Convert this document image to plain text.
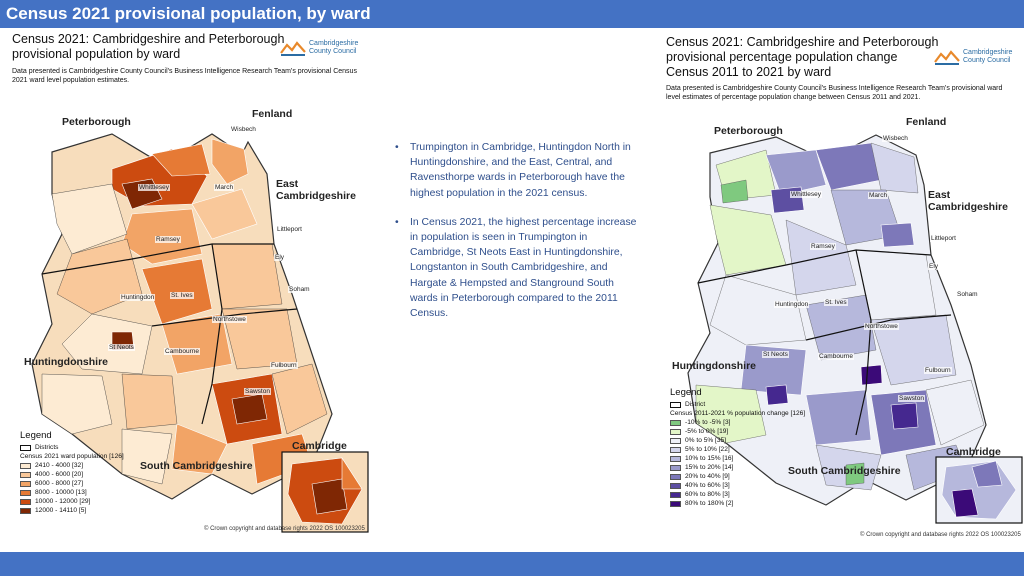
Census 2021 provisional population, by ward
Census 2021: Cambridgeshire and Peterborough
provisional population by ward
Data presented is Cambridgeshire County Council's Business Intelligence Research Team's provisional Census
2021 ward level population estimates.
Cambridgeshire
County Council
Peterborough
Fenland
East
Cambridgeshire
Huntingdonshire
South Cambridgeshire
Cambridge
Wisbech
Whittlesey	March
Ramsey
Littleport
Ely
Huntingdon	St. Ives
Soham
Northstowe
St Neots
Cambourne
Fulbourn
Sawston
Legend
Districts
Census 2021 ward population [126]
2410 - 4000 [32]
4000 - 6000 [20]
6000 - 8000 [27]
8000 - 10000 [13]
10000 - 12000 [29]
12000 - 14110 [5]
© Crown copyright and database rights 2022 OS 100023205
• Trumpington in Cambridge, Huntingdon North in Huntingdonshire, and the East, Central, and Ravensthorpe wards in Peterborough have the highest population in the 2021 census.
• In Census 2021, the highest percentage increase in population is seen in Trumpington in Cambridge, St Neots East in Huntingdonshire, Longstanton in South Cambridgeshire, and Hargate & Hempsted and Stanground South wards in Peterborough compared to the 2011 Census.
Census 2021: Cambridgeshire and Peterborough
provisional percentage population change
Census 2011 to 2021 by ward
Data presented is Cambridgeshire County Council's Business Intelligence Research Team's provisional ward
level estimates of percentage population change between Census 2011 and 2021.
Cambridgeshire
County Council
Peterborough
Fenland
East
Cambridgeshire
Huntingdonshire
South Cambridgeshire
Cambridge
Wisbech
Whittlesey	March
Ramsey
Littleport
Ely
Huntingdon	St. Ives
Soham
Northstowe
St Neots	Cambourne
Fulbourn
Sawston
Legend
District
Census 2011-2021 % population change [126]
-10% to -5% [3]
-5% to 0% [19]
0% to 5% [35]
5% to 10% [22]
10% to 15% [16]
15% to 20% [14]
20% to 40% [9]
40% to 60% [3]
60% to 80% [3]
80% to 180% [2]
© Crown copyright and database rights 2022 OS 100023205
